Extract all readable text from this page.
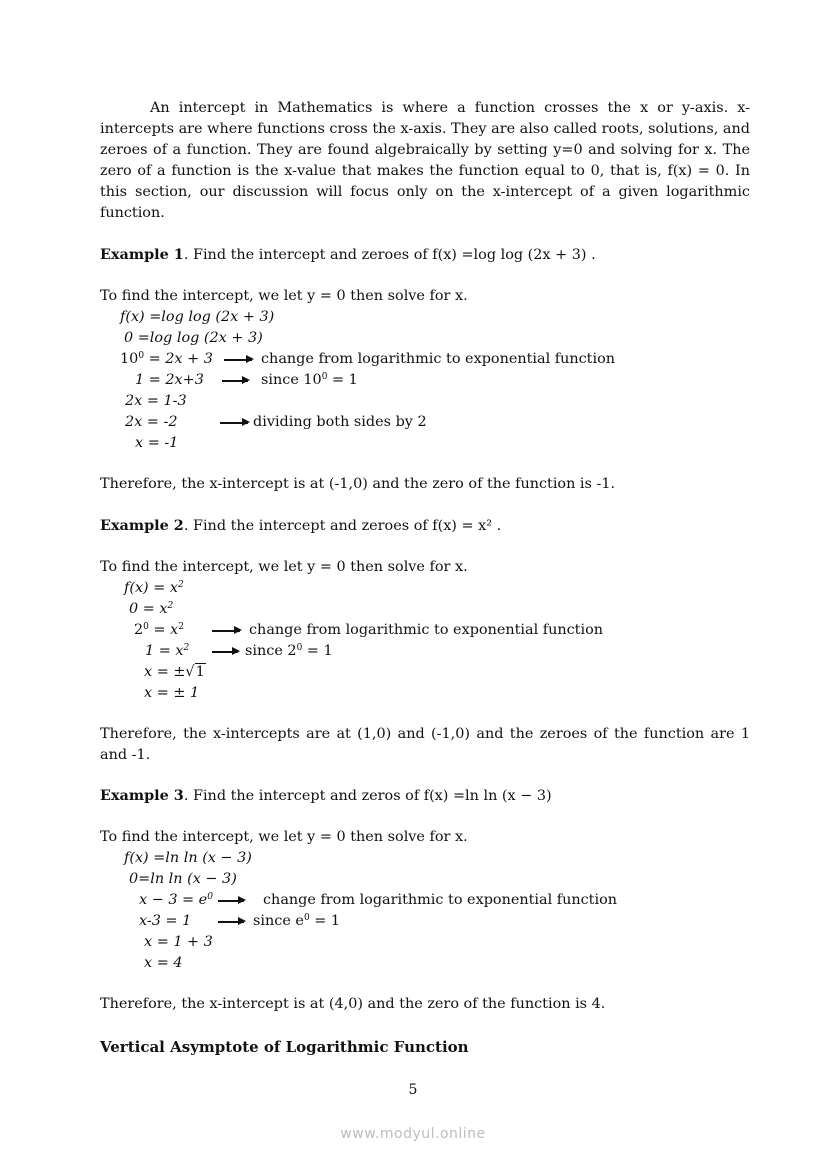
An intercept in Mathematics is where a function crosses the x or y-axis. x-intercepts are where functions cross the x-axis. They are also called roots, solutions, and zeroes of a function. They are found algebraically by setting y=0 and solving for x. The zero of a function is the x-value that makes the function equal to 0, that is, f(x) = 0. In this section, our discussion will focus only on the x-intercept of a given logarithmic function.

Example 1. Find the intercept and zeroes of f(x) =log log (2x + 3) .

To find the intercept, we let y = 0 then solve for x.

f(x) =log log (2x + 3)
0 =log log (2x + 3)
$10^0 = 2x + 3$	change from logarithmic to exponential function
1 = 2x+3	since $10^0 = 1$
2x = 1-3
2x = -2	dividing both sides by 2
x = -1

Therefore, the x-intercept is at (-1,0) and the zero of the function is -1.

Example 2. Find the intercept and zeroes of f(x) = x² .

To find the intercept, we let y = 0 then solve for x.

$f(x) = x^2$
$0 = x^2$
$2^0 = x^2$	change from logarithmic to exponential function
$1 = x^2$	since $2^0 = 1$
x = ±√1
x = ± 1

Therefore, the x-intercepts are at (1,0) and (-1,0) and the zeroes of the function are 1 and -1.

Example 3. Find the intercept and zeros of f(x) =ln ln (x − 3)

To find the intercept, we let y = 0 then solve for x.

f(x) =ln ln (x − 3)
0=ln ln (x − 3)
$x - 3 = e^0$	change from logarithmic to exponential function
x-3 = 1	since $e^0 = 1$
x = 1 + 3
x = 4

Therefore, the x-intercept is at (4,0) and the zero of the function is 4.

Vertical Asymptote of Logarithmic Function

5
www.modyul.online
